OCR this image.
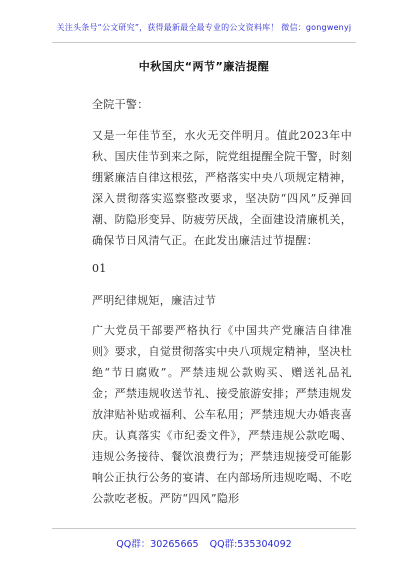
关注头条号“公文研究”，获得最新最全最专业的公文资料库！ 微信：gongwenyj
中秋国庆“两节”廉洁提醒

全院干警：

又是一年佳节至，水火无交伴明月。值此2023年中秋、国庆佳节到来之际，院党组提醒全院干警，时刻绷紧廉洁自律这根弦，严格落实中央八项规定精神，深入贯彻落实巡察整改要求，坚决防“四风”反弹回潮、防隐形变异、防疲劳厌战，全面建设清廉机关，确保节日风清气正。在此发出廉洁过节提醒：

01

严明纪律规矩，廉洁过节

广大党员干部要严格执行《中国共产党廉洁自律准则》要求，自觉贯彻落实中央八项规定精神，坚决杜绝“节日腐败”。严禁违规公款购买、赠送礼品礼金；严禁违规收送节礼、接受旅游安排；严禁违规发放津贴补贴或福利、公车私用；严禁违规大办婚丧喜庆。认真落实《市纪委文件》，严禁违规公款吃喝、违规公务接待、餐饮浪费行为；严禁违规接受可能影响公正执行公务的宴请、在内部场所违规吃喝、不吃公款吃老板。严防“四风”隐形

QQ群：30265665 QQ群:535304092
